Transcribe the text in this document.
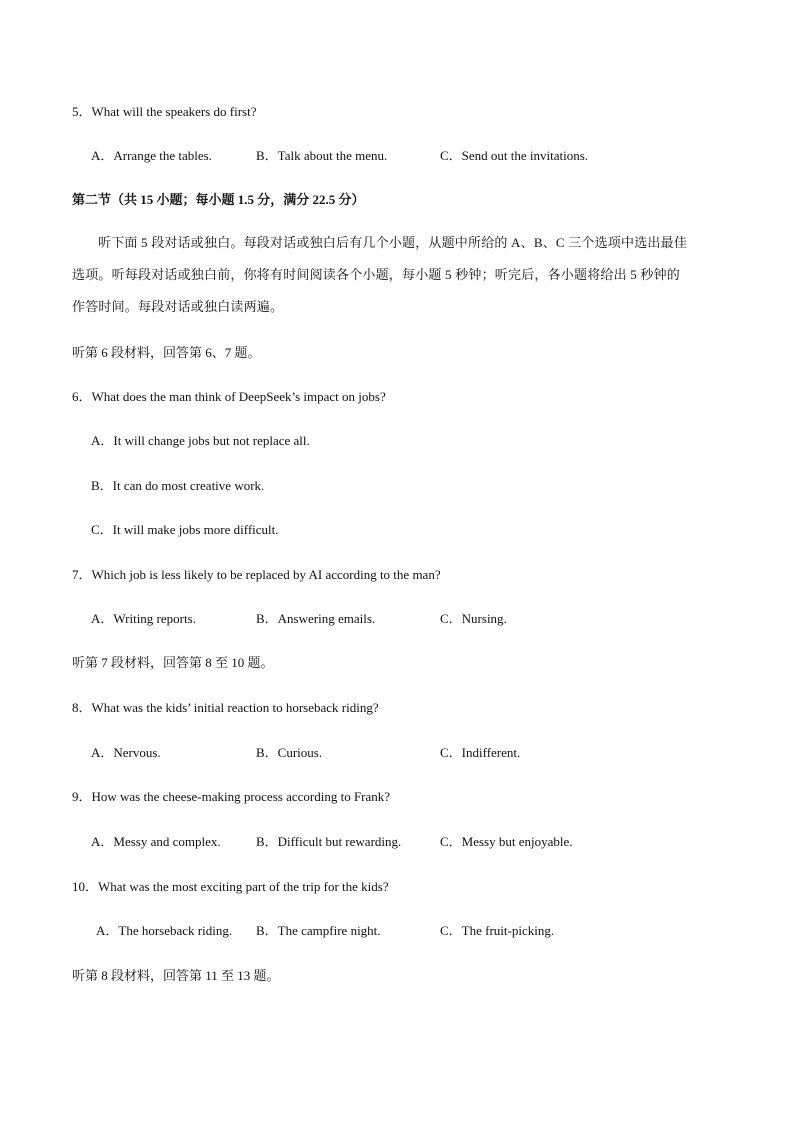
5．What will the speakers do first?
A．Arrange the tables.	B．Talk about the menu.	C．Send out the invitations.
第二节（共 15 小题；每小题 1.5 分，满分 22.5 分）

听下面 5 段对话或独白。每段对话或独白后有几个小题，从题中所给的 A、B、C 三个选项中选出最佳

选项。听每段对话或独白前，你将有时间阅读各个小题，每小题 5 秒钟；听完后，各小题将给出 5 秒钟的

作答时间。每段对话或独白读两遍。

听第 6 段材料，回答第 6、7 题。
6．What does the man think of DeepSeek’s impact on jobs?
A．It will change jobs but not replace all.
B．It can do most creative work.
C．It will make jobs more difficult.
7．Which job is less likely to be replaced by AI according to the man?
A．Writing reports.	B．Answering emails.	C．Nursing.
听第 7 段材料，回答第 8 至 10 题。
8．What was the kids’ initial reaction to horseback riding?
A．Nervous.	B．Curious.	C．Indifferent.
9．How was the cheese-making process according to Frank?
A．Messy and complex.	B．Difficult but rewarding.	C．Messy but enjoyable.
10．What was the most exciting part of the trip for the kids?
A．The horseback riding. B．The campfire night.	C．The fruit-picking.
听第 8 段材料，回答第 11 至 13 题。
